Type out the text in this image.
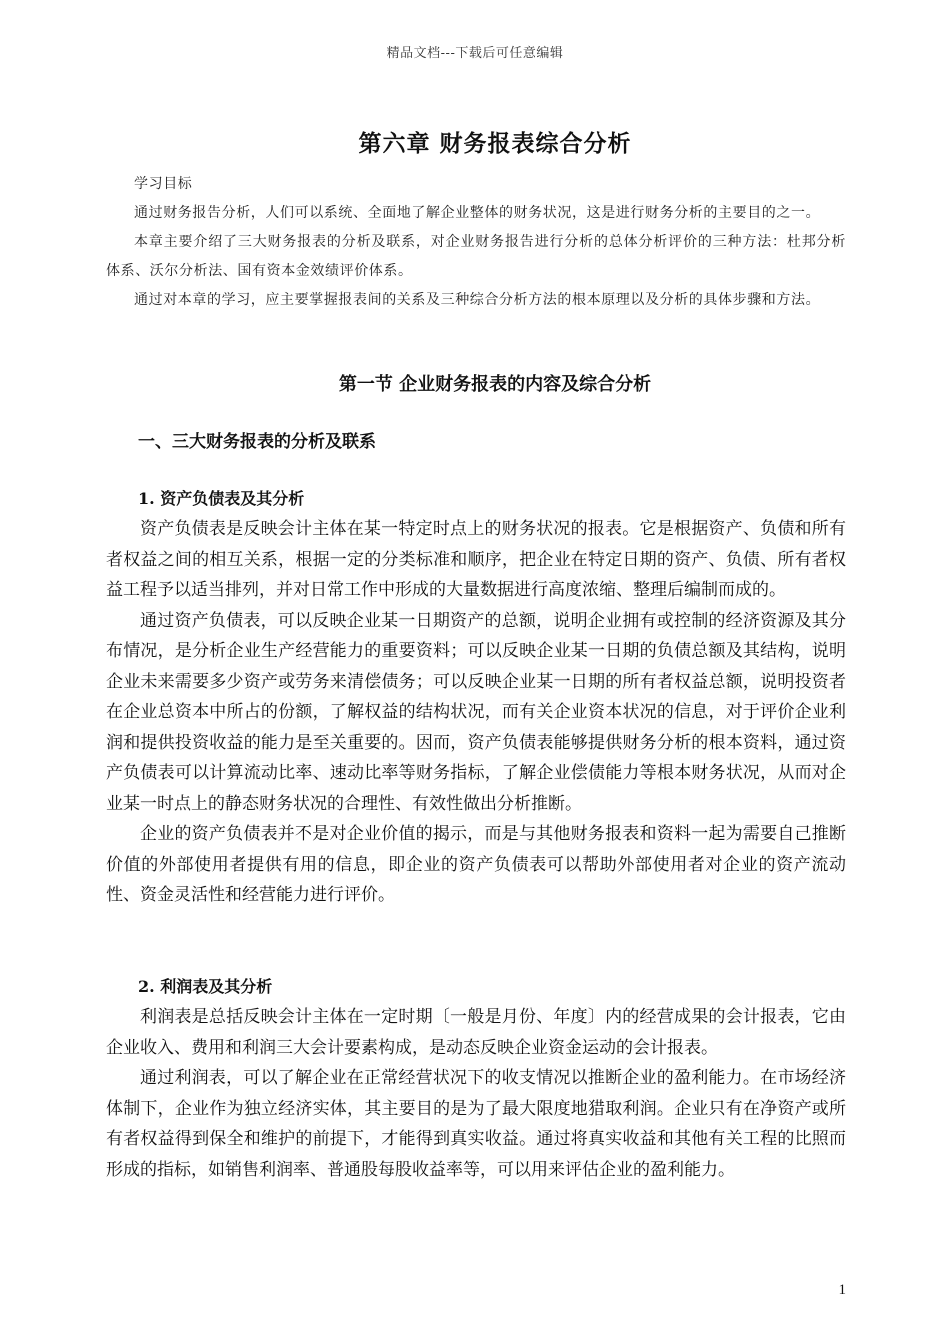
精品文档---下载后可任意编辑
第六章 财务报表综合分析

学习目标

通过财务报告分析，人们可以系统、全面地了解企业整体的财务状况，这是进行财务分析的主要目的之一。

本章主要介绍了三大财务报表的分析及联系，对企业财务报告进行分析的总体分析评价的三种方法：杜邦分析体系、沃尔分析法、国有资本金效绩评价体系。

通过对本章的学习，应主要掌握报表间的关系及三种综合分析方法的根本原理以及分析的具体步骤和方法。

第一节 企业财务报表的内容及综合分析
一、三大财务报表的分析及联系
1. 资产负债表及其分析

资产负债表是反映会计主体在某一特定时点上的财务状况的报表。它是根据资产、负债和所有者权益之间的相互关系，根据一定的分类标准和顺序，把企业在特定日期的资产、负债、所有者权益工程予以适当排列，并对日常工作中形成的大量数据进行高度浓缩、整理后编制而成的。

通过资产负债表，可以反映企业某一日期资产的总额，说明企业拥有或控制的经济资源及其分布情况，是分析企业生产经营能力的重要资料；可以反映企业某一日期的负债总额及其结构，说明企业未来需要多少资产或劳务来清偿债务；可以反映企业某一日期的所有者权益总额，说明投资者在企业总资本中所占的份额，了解权益的结构状况，而有关企业资本状况的信息，对于评价企业利润和提供投资收益的能力是至关重要的。因而，资产负债表能够提供财务分析的根本资料，通过资产负债表可以计算流动比率、速动比率等财务指标，了解企业偿债能力等根本财务状况，从而对企业某一时点上的静态财务状况的合理性、有效性做出分析推断。

企业的资产负债表并不是对企业价值的揭示，而是与其他财务报表和资料一起为需要自己推断价值的外部使用者提供有用的信息，即企业的资产负债表可以帮助外部使用者对企业的资产流动性、资金灵活性和经营能力进行评价。

2. 利润表及其分析

利润表是总括反映会计主体在一定时期〔一般是月份、年度〕内的经营成果的会计报表，它由企业收入、费用和利润三大会计要素构成，是动态反映企业资金运动的会计报表。

通过利润表，可以了解企业在正常经营状况下的收支情况以推断企业的盈利能力。在市场经济体制下，企业作为独立经济实体，其主要目的是为了最大限度地猎取利润。企业只有在净资产或所有者权益得到保全和维护的前提下，才能得到真实收益。通过将真实收益和其他有关工程的比照而形成的指标，如销售利润率、普通股每股收益率等，可以用来评估企业的盈利能力。

1
